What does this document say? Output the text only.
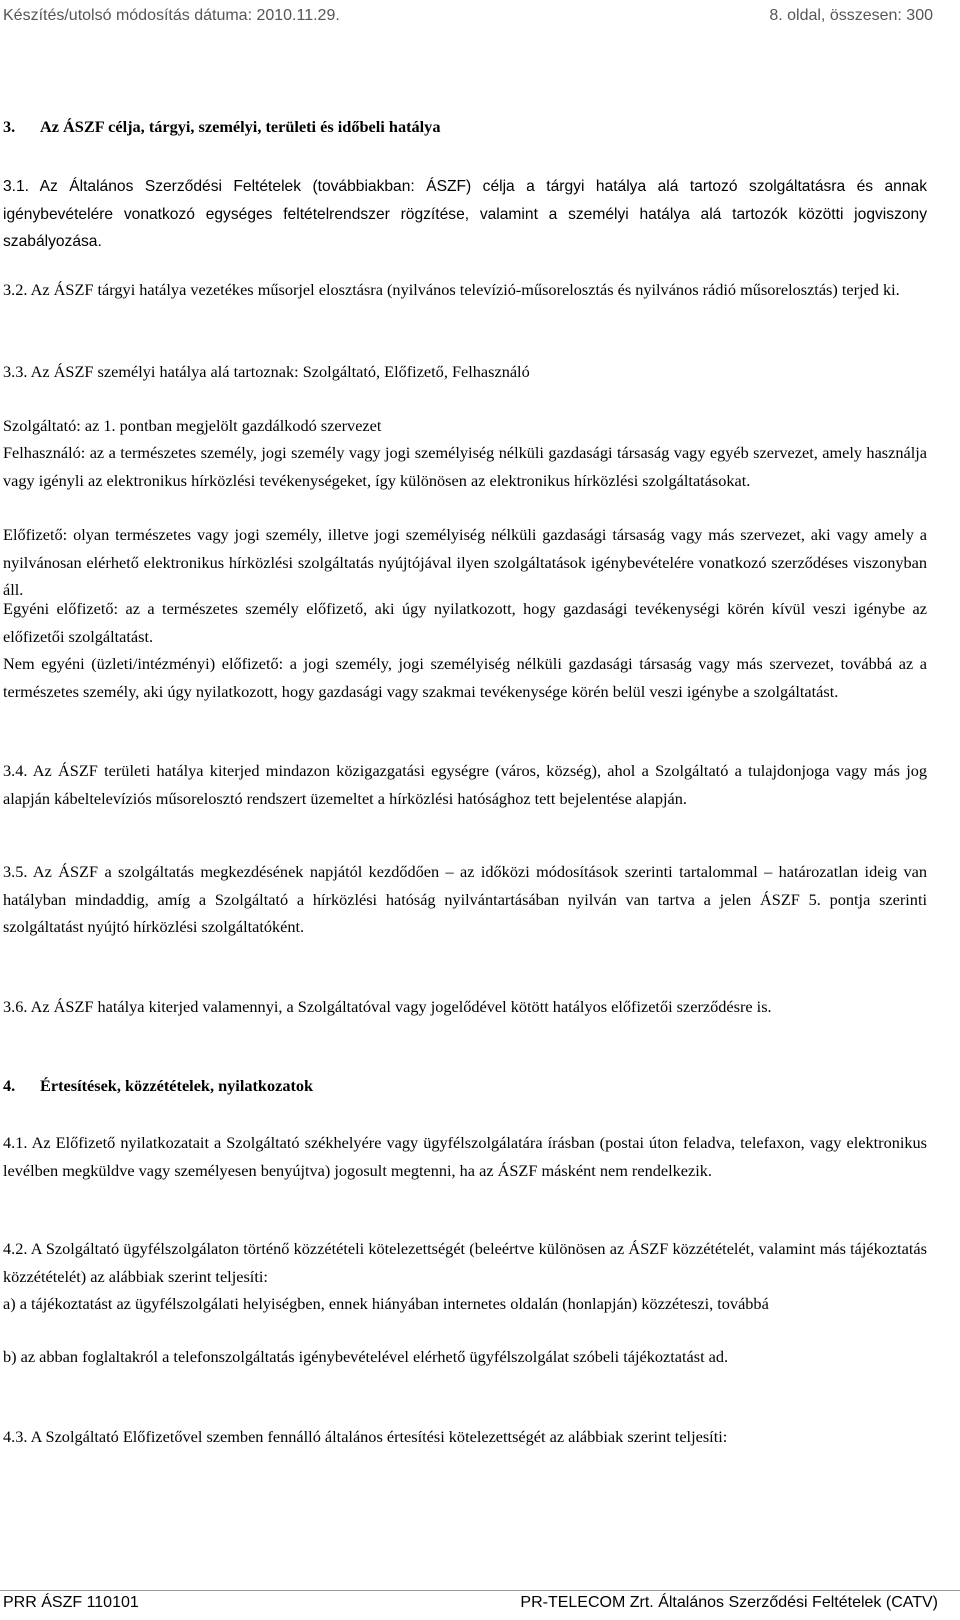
Készítés/utolsó módosítás dátuma: 2010.11.29.	8. oldal, összesen: 300
3. Az ÁSZF célja, tárgyi, személyi, területi és időbeli hatálya

3.1. Az Általános Szerződési Feltételek (továbbiakban: ÁSZF) célja a tárgyi hatálya alá tartozó szolgáltatásra és annak igénybevételére vonatkozó egységes feltételrendszer rögzítése, valamint a személyi hatálya alá tartozók közötti jogviszony szabályozása.

3.2. Az ÁSZF tárgyi hatálya vezetékes műsorjel elosztásra (nyilvános televízió-műsorelosztás és nyilvános rádió műsorelosztás) terjed ki.

3.3. Az ÁSZF személyi hatálya alá tartoznak: Szolgáltató, Előfizető, Felhasználó

Szolgáltató: az 1. pontban megjelölt gazdálkodó szervezet

Felhasználó: az a természetes személy, jogi személy vagy jogi személyiség nélküli gazdasági társaság vagy egyéb szervezet, amely használja vagy igényli az elektronikus hírközlési tevékenységeket, így különösen az elektronikus hírközlési szolgáltatásokat.

Előfizető: olyan természetes vagy jogi személy, illetve jogi személyiség nélküli gazdasági társaság vagy más szervezet, aki vagy amely a nyilvánosan elérhető elektronikus hírközlési szolgáltatás nyújtójával ilyen szolgáltatások igénybevételére vonatkozó szerződéses viszonyban áll.

Egyéni előfizető: az a természetes személy előfizető, aki úgy nyilatkozott, hogy gazdasági tevékenységi körén kívül veszi igénybe az előfizetői szolgáltatást.

Nem egyéni (üzleti/intézményi) előfizető: a jogi személy, jogi személyiség nélküli gazdasági társaság vagy más szervezet, továbbá az a természetes személy, aki úgy nyilatkozott, hogy gazdasági vagy szakmai tevékenysége körén belül veszi igénybe a szolgáltatást.

3.4. Az ÁSZF területi hatálya kiterjed mindazon közigazgatási egységre (város, község), ahol a Szolgáltató a tulajdonjoga vagy más jog alapján kábeltelevíziós műsorelosztó rendszert üzemeltet a hírközlési hatósághoz tett bejelentése alapján.

3.5. Az ÁSZF a szolgáltatás megkezdésének napjától kezdődően – az időközi módosítások szerinti tartalommal – határozatlan ideig van hatályban mindaddig, amíg a Szolgáltató a hírközlési hatóság nyilvántartásában nyilván van tartva a jelen ÁSZF 5. pontja szerinti szolgáltatást nyújtó hírközlési szolgáltatóként.

3.6. Az ÁSZF hatálya kiterjed valamennyi, a Szolgáltatóval vagy jogelődével kötött hatályos előfizetői szerződésre is.

4. Értesítések, közzétételek, nyilatkozatok

4.1. Az Előfizető nyilatkozatait a Szolgáltató székhelyére vagy ügyfélszolgálatára írásban (postai úton feladva, telefaxon, vagy elektronikus levélben megküldve vagy személyesen benyújtva) jogosult megtenni, ha az ÁSZF másként nem rendelkezik.

4.2. A Szolgáltató ügyfélszolgálaton történő közzétételi kötelezettségét (beleértve különösen az ÁSZF közzétételét, valamint más tájékoztatás közzétételét) az alábbiak szerint teljesíti:

a) a tájékoztatást az ügyfélszolgálati helyiségben, ennek hiányában internetes oldalán (honlapján) közzéteszi, továbbá

b) az abban foglaltakról a telefonszolgáltatás igénybevételével elérhető ügyfélszolgálat szóbeli tájékoztatást ad.

4.3. A Szolgáltató Előfizetővel szemben fennálló általános értesítési kötelezettségét az alábbiak szerint teljesíti:

PRR ÁSZF 110101	PR-TELECOM Zrt. Általános Szerződési Feltételek (CATV)
